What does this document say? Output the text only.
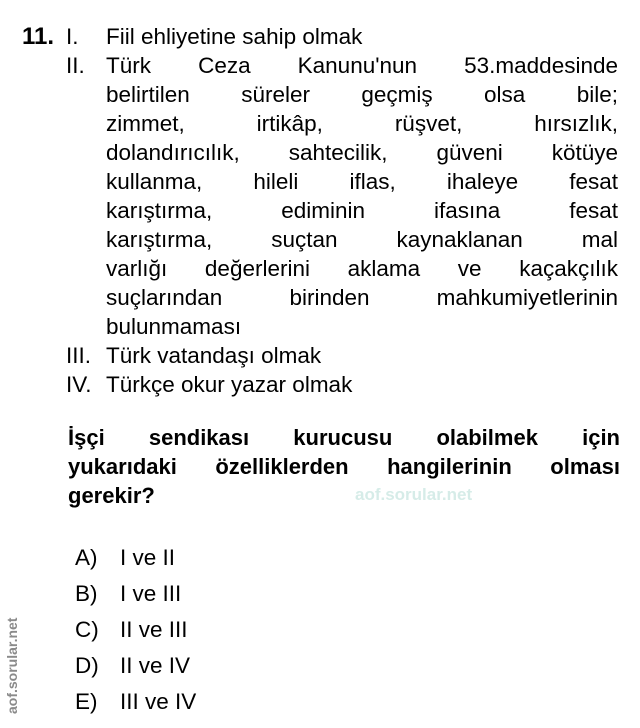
11. I. Fiil ehliyetine sahip olmak
II. Türk Ceza Kanunu'nun 53.maddesinde
belirtilen süreler geçmiş olsa bile;
zimmet, irtikâp, rüşvet, hırsızlık,
dolandırıcılık, sahtecilik, güveni kötüye
kullanma, hileli iflas, ihaleye fesat
karıştırma, ediminin ifasına fesat
karıştırma, suçtan kaynaklanan mal
varlığı değerlerini aklama ve kaçakçılık
suçlarından birinden mahkumiyetlerinin
bulunmaması
III. Türk vatandaşı olmak
IV. Türkçe okur yazar olmak
İşçi sendikası kurucusu olabilmek için
yukarıdaki özelliklerden hangilerinin olması
gerekir?
A) I ve II
B) I ve III
C) II ve III
D) II ve IV
E) III ve IV
aof.sorular.net
aof.sorular.net
